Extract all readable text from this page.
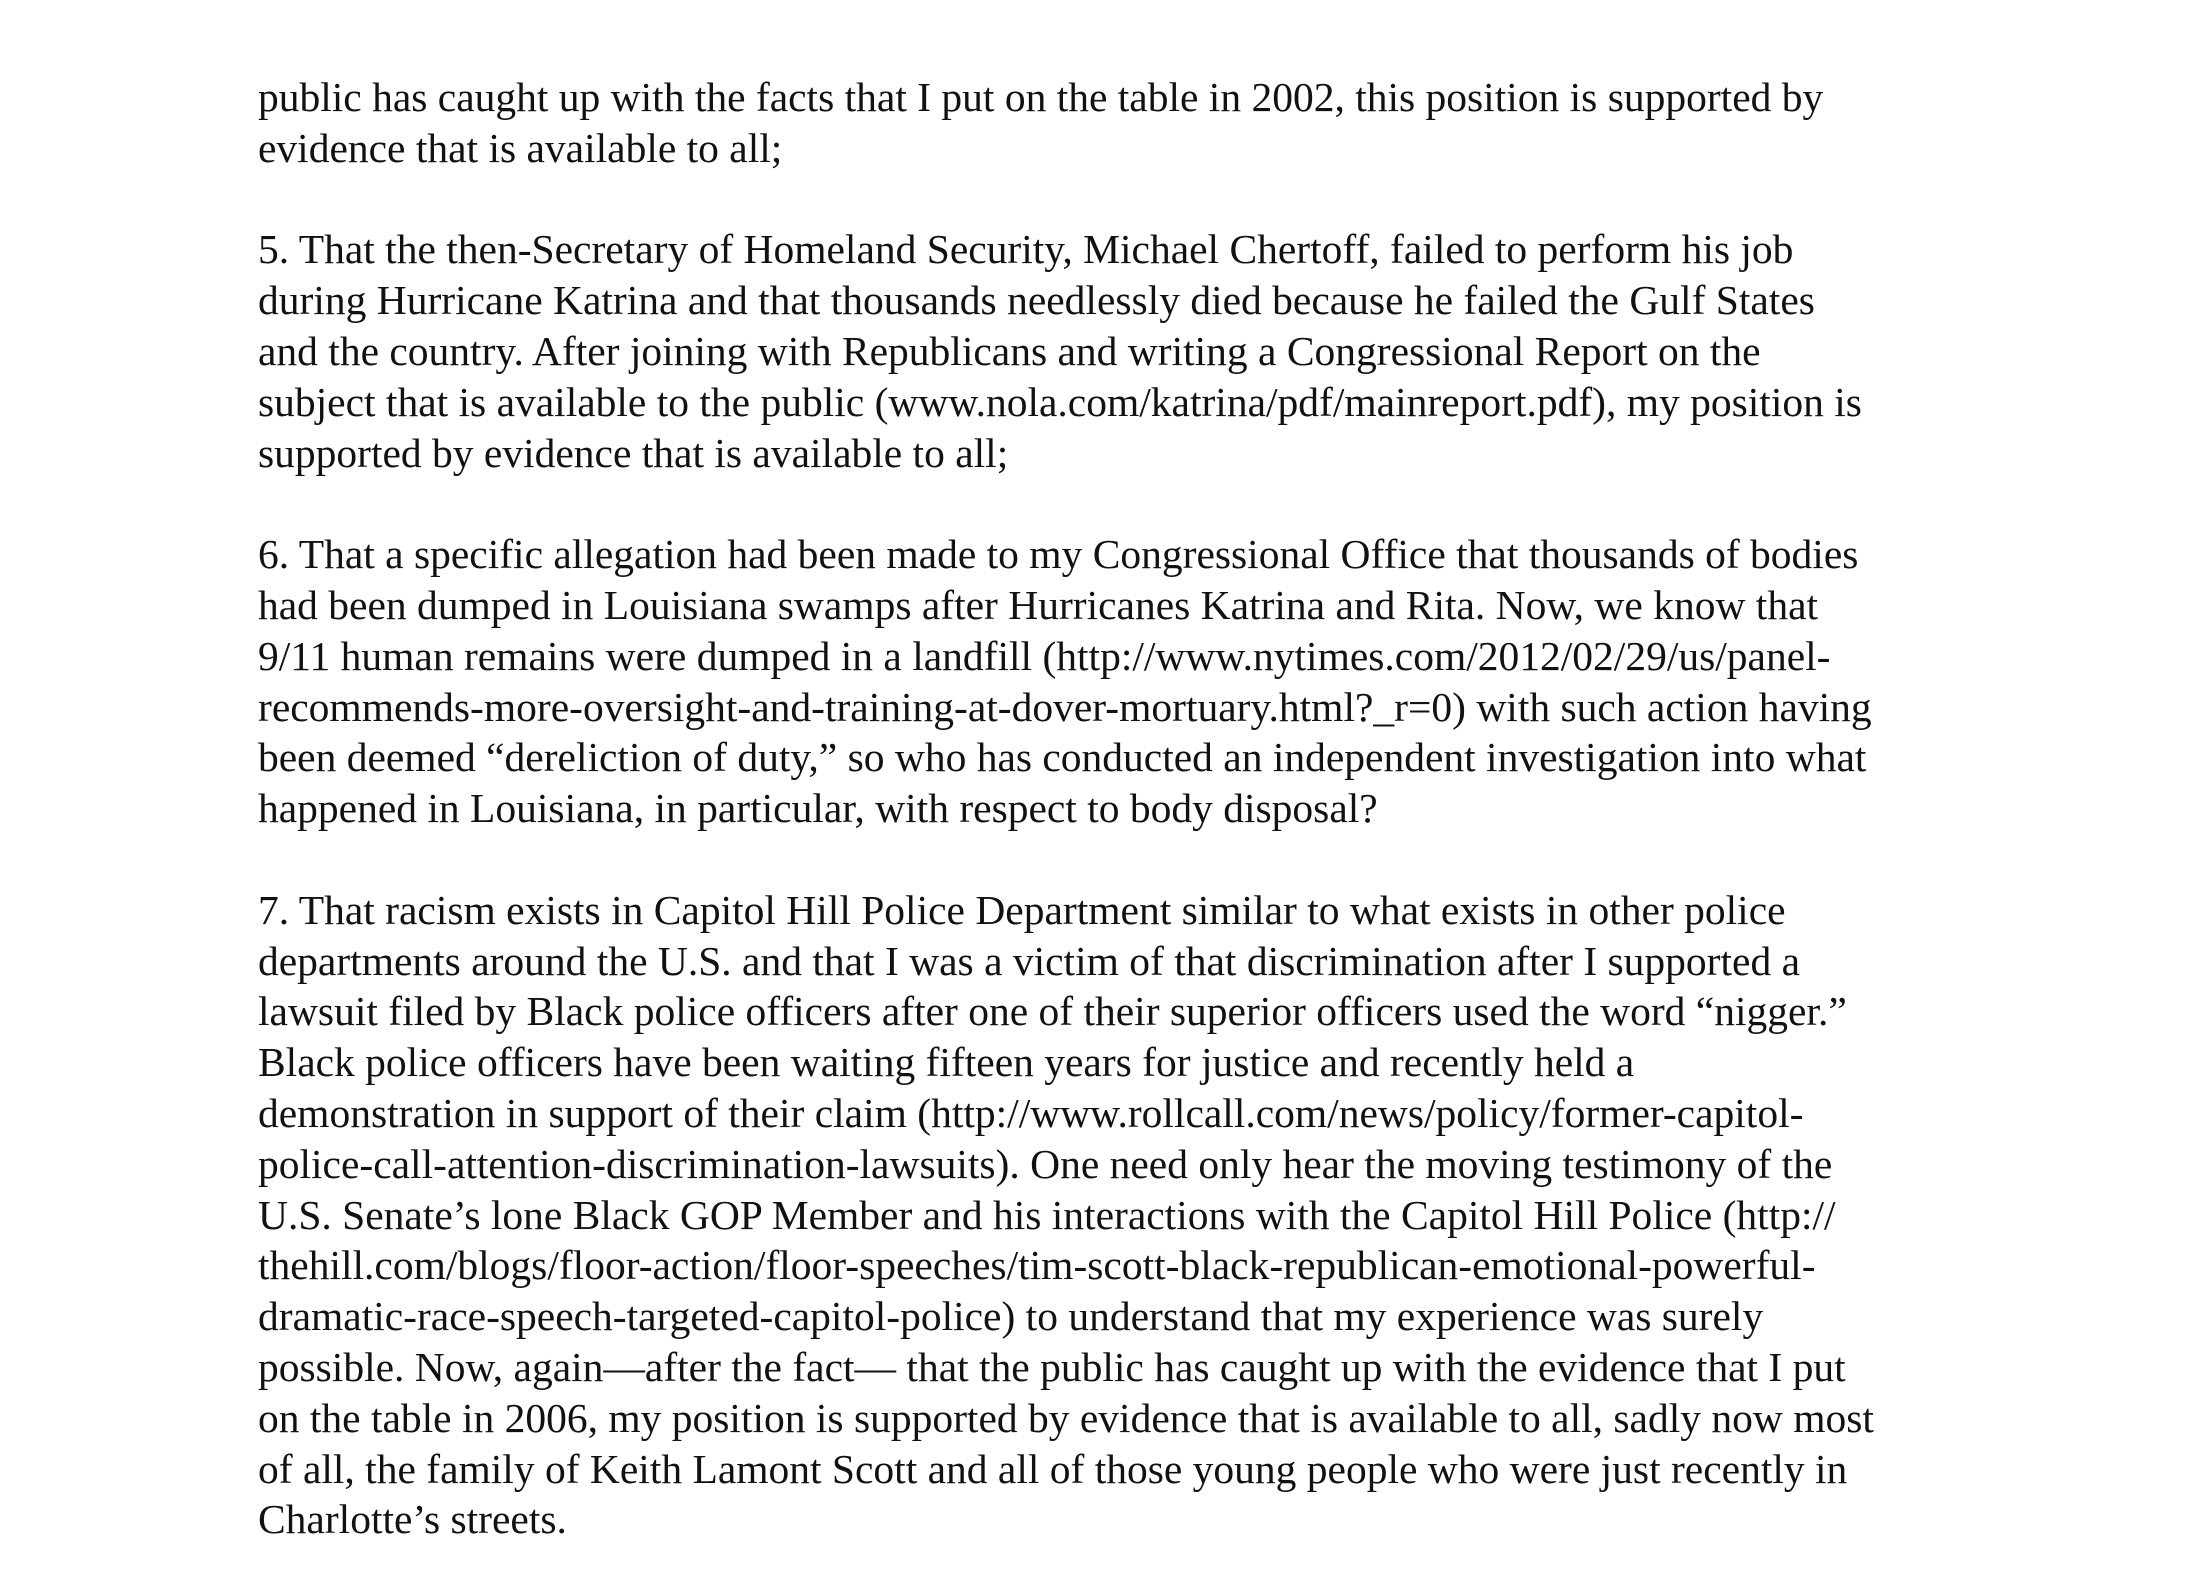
public has caught up with the facts that I put on the table in 2002, this position is supported by
evidence that is available to all;

5. That the then-Secretary of Homeland Security, Michael Chertoff, failed to perform his job
during Hurricane Katrina and that thousands needlessly died because he failed the Gulf States
and the country. After joining with Republicans and writing a Congressional Report on the
subject that is available to the public (www.nola.com/katrina/pdf/mainreport.pdf), my position is
supported by evidence that is available to all;

6. That a specific allegation had been made to my Congressional Office that thousands of bodies
had been dumped in Louisiana swamps after Hurricanes Katrina and Rita. Now, we know that
9/11 human remains were dumped in a landfill (http://www.nytimes.com/2012/02/29/us/panel-
recommends-more-oversight-and-training-at-dover-mortuary.html?_r=0) with such action having
been deemed “dereliction of duty,” so who has conducted an independent investigation into what
happened in Louisiana, in particular, with respect to body disposal?

7. That racism exists in Capitol Hill Police Department similar to what exists in other police
departments around the U.S. and that I was a victim of that discrimination after I supported a
lawsuit filed by Black police officers after one of their superior officers used the word “nigger.”
Black police officers have been waiting fifteen years for justice and recently held a
demonstration in support of their claim (http://www.rollcall.com/news/policy/former-capitol-
police-call-attention-discrimination-lawsuits). One need only hear the moving testimony of the
U.S. Senate’s lone Black GOP Member and his interactions with the Capitol Hill Police (http://
thehill.com/blogs/floor-action/floor-speeches/tim-scott-black-republican-emotional-powerful-
dramatic-race-speech-targeted-capitol-police) to understand that my experience was surely
possible. Now, again—after the fact— that the public has caught up with the evidence that I put
on the table in 2006, my position is supported by evidence that is available to all, sadly now most
of all, the family of Keith Lamont Scott and all of those young people who were just recently in
Charlotte’s streets.
